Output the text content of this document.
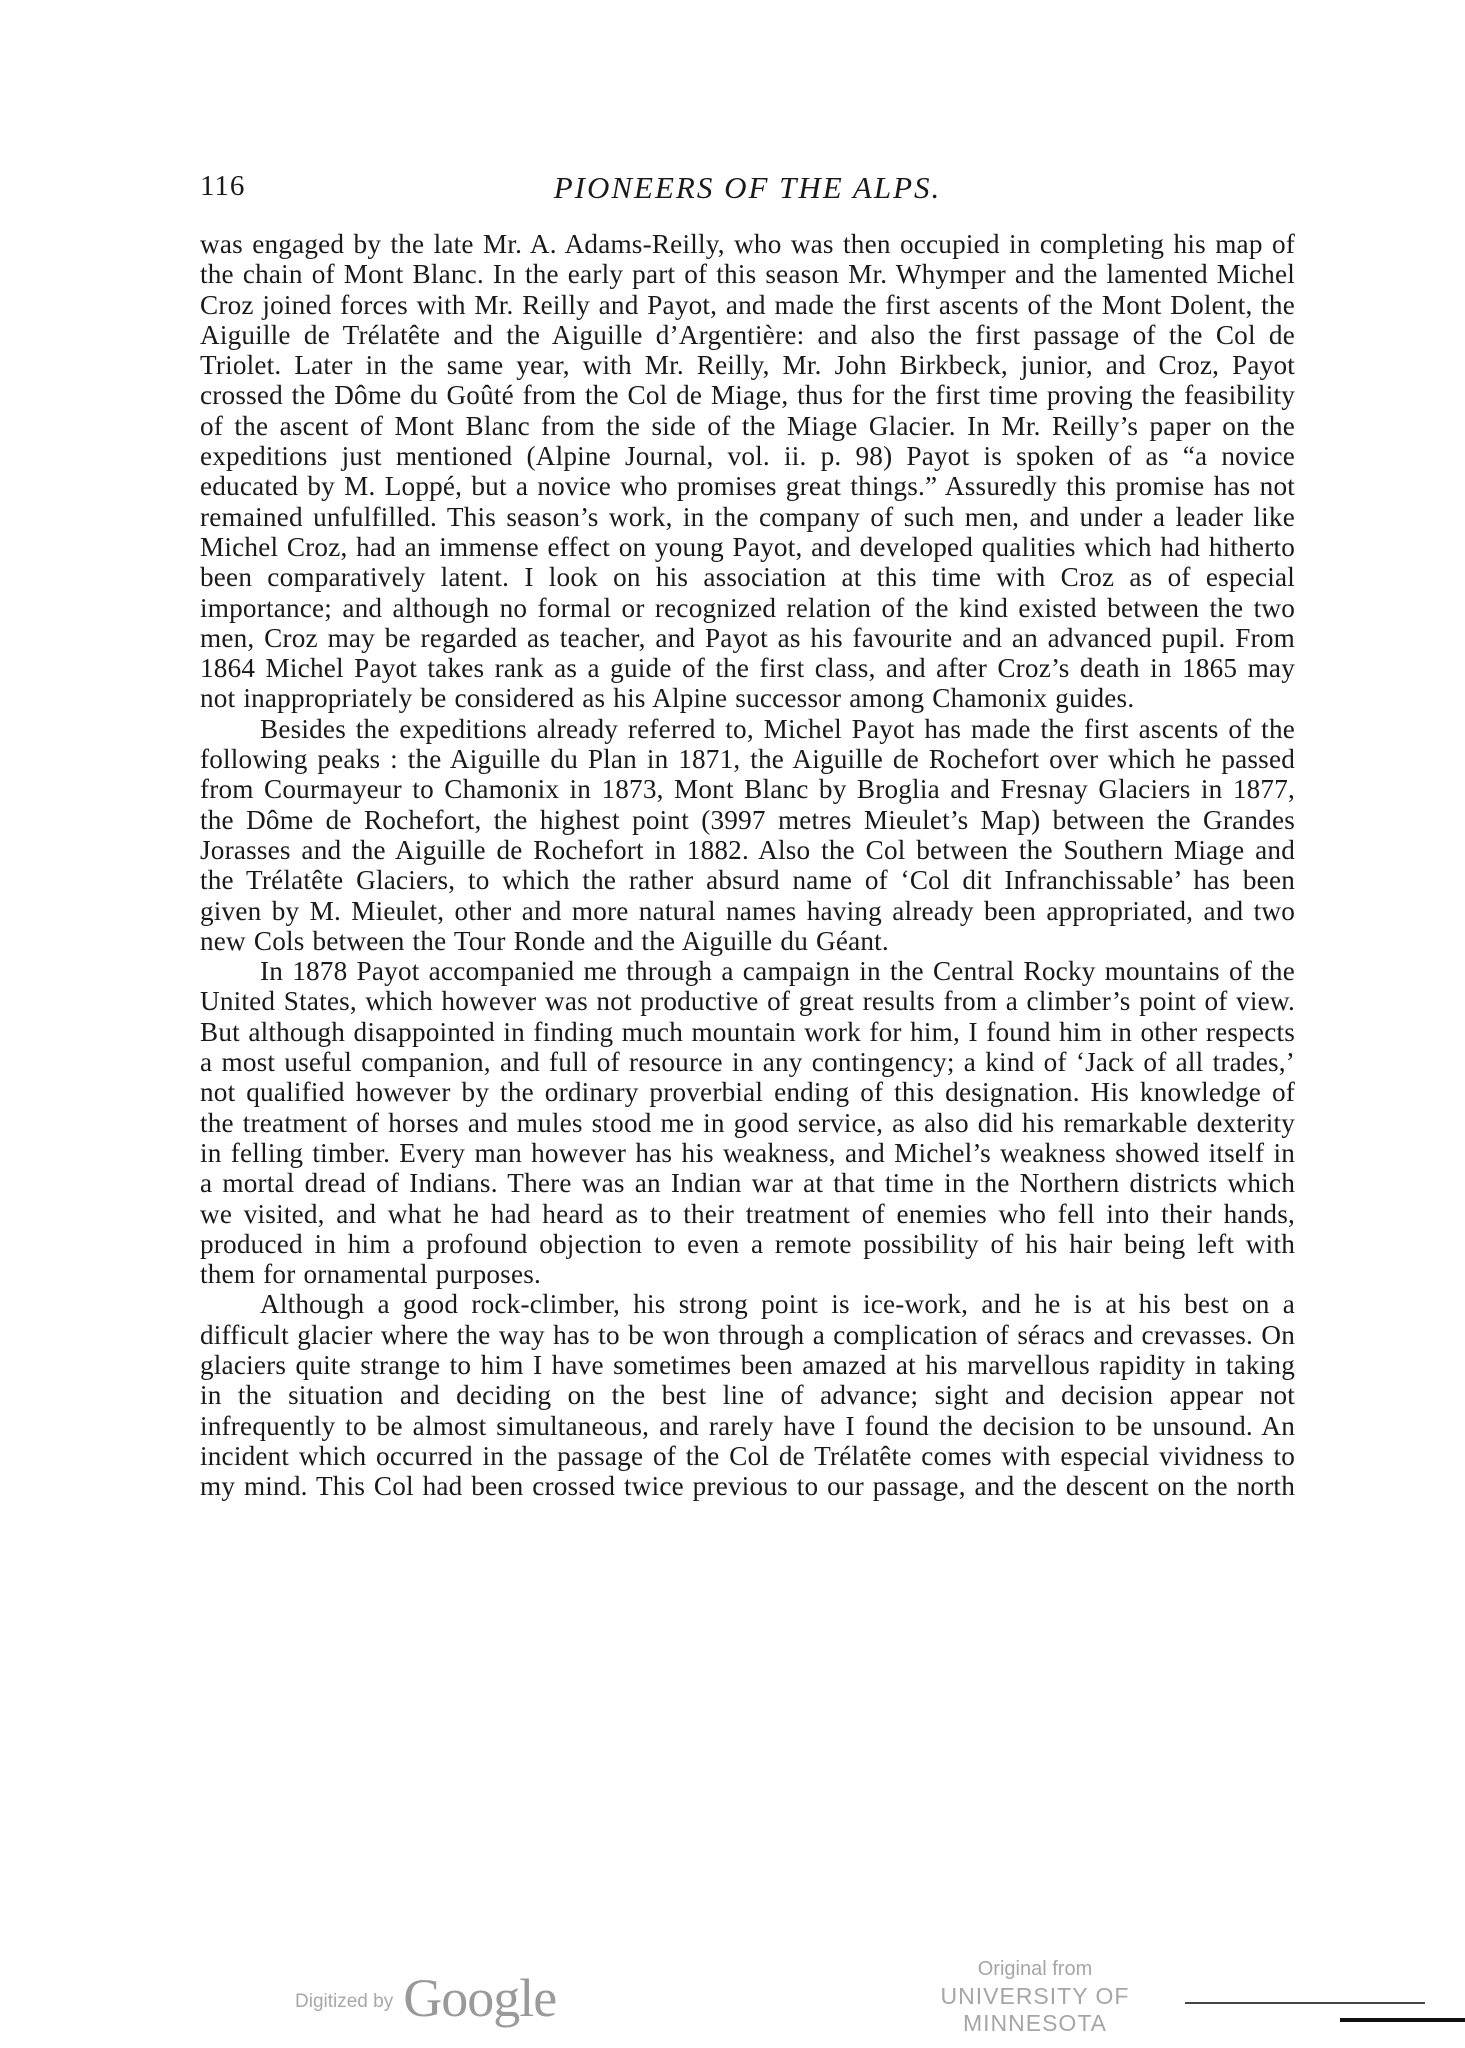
116	PIONEERS OF THE ALPS.

was engaged by the late Mr. A. Adams-Reilly, who was then occupied in completing his map of the chain of Mont Blanc. In the early part of this season Mr. Whymper and the lamented Michel Croz joined forces with Mr. Reilly and Payot, and made the first ascents of the Mont Dolent, the Aiguille de Trélatête and the Aiguille d’Argentière: and also the first passage of the Col de Triolet. Later in the same year, with Mr. Reilly, Mr. John Birkbeck, junior, and Croz, Payot crossed the Dôme du Goûté from the Col de Miage, thus for the first time proving the feasibility of the ascent of Mont Blanc from the side of the Miage Glacier. In Mr. Reilly’s paper on the expeditions just mentioned (Alpine Journal, vol. ii. p. 98) Payot is spoken of as “a novice educated by M. Loppé, but a novice who promises great things.” Assuredly this promise has not remained unfulfilled. This season’s work, in the company of such men, and under a leader like Michel Croz, had an immense effect on young Payot, and developed qualities which had hitherto been comparatively latent. I look on his association at this time with Croz as of especial importance; and although no formal or recognized relation of the kind existed between the two men, Croz may be regarded as teacher, and Payot as his favourite and an advanced pupil. From 1864 Michel Payot takes rank as a guide of the first class, and after Croz’s death in 1865 may not inappropriately be considered as his Alpine successor among Chamonix guides.

Besides the expeditions already referred to, Michel Payot has made the first ascents of the following peaks : the Aiguille du Plan in 1871, the Aiguille de Rochefort over which he passed from Courmayeur to Chamonix in 1873, Mont Blanc by Broglia and Fresnay Glaciers in 1877, the Dôme de Rochefort, the highest point (3997 metres Mieulet’s Map) between the Grandes Jorasses and the Aiguille de Rochefort in 1882. Also the Col between the Southern Miage and the Trélatête Glaciers, to which the rather absurd name of ‘Col dit Infranchissable’ has been given by M. Mieulet, other and more natural names having already been appropriated, and two new Cols between the Tour Ronde and the Aiguille du Géant.

In 1878 Payot accompanied me through a campaign in the Central Rocky mountains of the United States, which however was not productive of great results from a climber’s point of view. But although disappointed in finding much mountain work for him, I found him in other respects a most useful companion, and full of resource in any contingency; a kind of ‘Jack of all trades,’ not qualified however by the ordinary proverbial ending of this designation. His knowledge of the treatment of horses and mules stood me in good service, as also did his remarkable dexterity in felling timber. Every man however has his weakness, and Michel’s weakness showed itself in a mortal dread of Indians. There was an Indian war at that time in the Northern districts which we visited, and what he had heard as to their treatment of enemies who fell into their hands, produced in him a profound objection to even a remote possibility of his hair being left with them for ornamental purposes.

Although a good rock-climber, his strong point is ice-work, and he is at his best on a difficult glacier where the way has to be won through a complication of séracs and crevasses. On glaciers quite strange to him I have sometimes been amazed at his marvellous rapidity in taking in the situation and deciding on the best line of advance; sight and decision appear not infrequently to be almost simultaneous, and rarely have I found the decision to be unsound. An incident which occurred in the passage of the Col de Trélatête comes with especial vividness to my mind. This Col had been crossed twice previous to our passage, and the descent on the north

Digitized by Google	Original from
UNIVERSITY OF MINNESOTA
